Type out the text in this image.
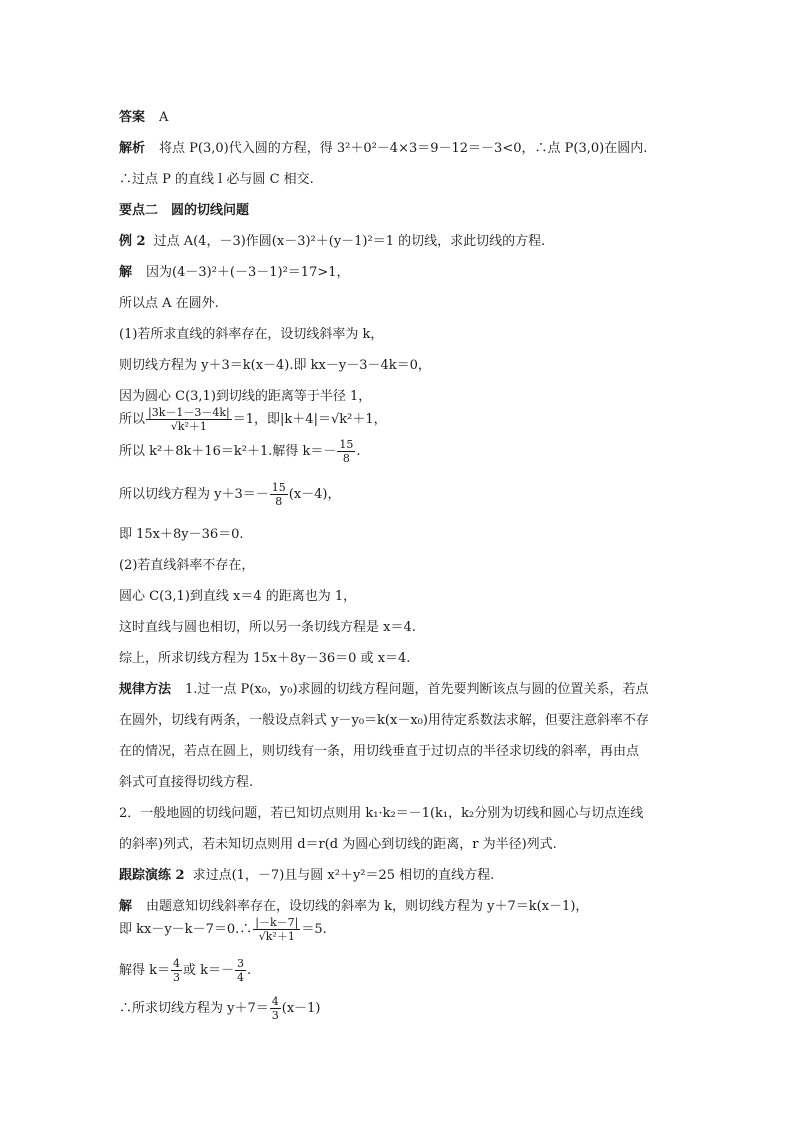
答案 A
解析 将点 P(3,0)代入圆的方程，得 3²＋0²－4×3＝9－12＝－3<0，∴点 P(3,0)在圆内.
∴过点 P 的直线 l 必与圆 C 相交.
要点二　圆的切线问题
例 2 过点 A(4，－3)作圆(x－3)²＋(y－1)²＝1 的切线，求此切线的方程.
解 因为(4－3)²＋(－3－1)²＝17>1，
所以点 A 在圆外.
(1)若所求直线的斜率存在，设切线斜率为 k，
则切线方程为 y＋3＝k(x－4).即 kx－y－3－4k＝0，
因为圆心 C(3,1)到切线的距离等于半径 1，
所以 $\frac{|3k-1-3-4k|}{\text{√k²＋1}} =1$，即|k＋4|＝√k²＋1，
所以 k²＋8k＋16＝k²＋1.解得 $k=- \frac{15}{8}$ .
所以切线方程为 $y+3=- \frac{15}{8} (x-4)$，
即 15x＋8y－36＝0.
(2)若直线斜率不存在，
圆心 C(3,1)到直线 x＝4 的距离也为 1，
这时直线与圆也相切，所以另一条切线方程是 x＝4.
综上，所求切线方程为 15x＋8y－36＝0 或 x＝4.
规律方法 1.过一点 P(x₀，y₀)求圆的切线方程问题，首先要判断该点与圆的位置关系，若点
在圆外，切线有两条，一般设点斜式 y－y₀＝k(x－x₀)用待定系数法求解，但要注意斜率不存
在的情况，若点在圆上，则切线有一条，用切线垂直于过切点的半径求切线的斜率，再由点
斜式可直接得切线方程.
2．一般地圆的切线问题，若已知切点则用 k₁·k₂＝－1(k₁，k₂分别为切线和圆心与切点连线
的斜率)列式，若未知切点则用 d＝r(d 为圆心到切线的距离，r 为半径)列式.
跟踪演练 2 求过点(1，－7)且与圆 x²＋y²＝25 相切的直线方程.
解 由题意知切线斜率存在，设切线的斜率为 k，则切线方程为 y＋7＝k(x－1)，
即 kx－y－k－7＝0.∴ $\frac{|-k-7|}{\text{√k²＋1}} =5$.
解得 $k= \frac{4}{3}$ 或 $k=- \frac{3}{4}$ .
∴所求切线方程为 $y+7= \frac{4}{3} (x-1)$
